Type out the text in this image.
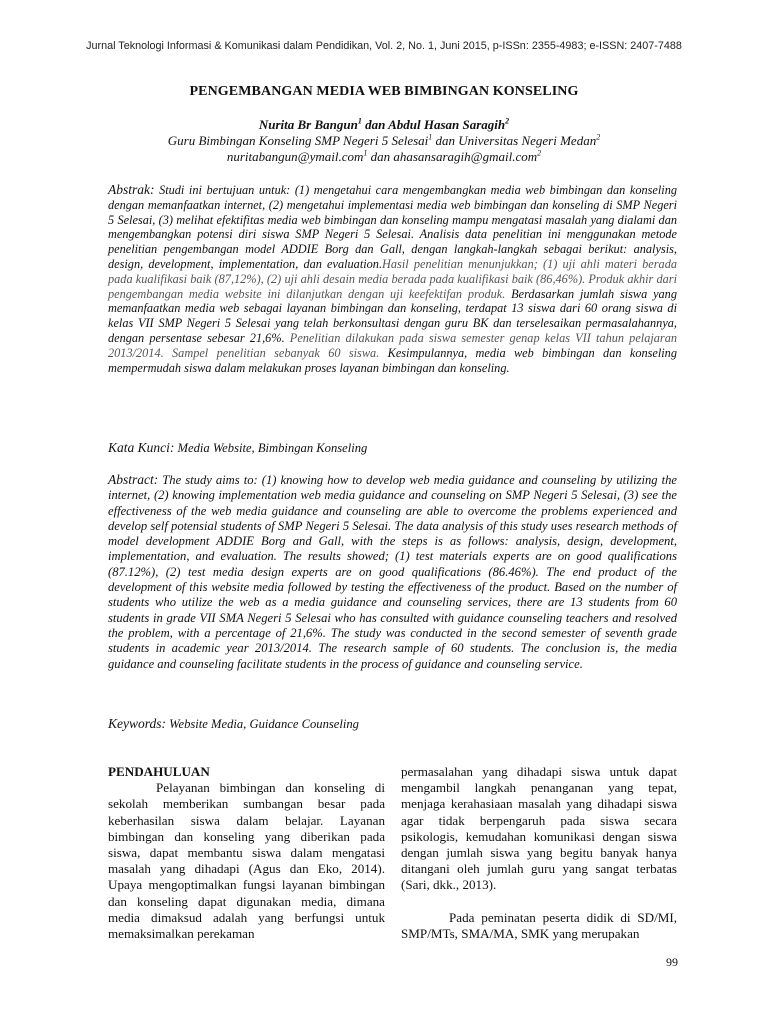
Jurnal Teknologi Informasi & Komunikasi dalam Pendidikan, Vol. 2, No. 1, Juni 2015, p-ISSn: 2355-4983; e-ISSN: 2407-7488
PENGEMBANGAN MEDIA WEB BIMBINGAN KONSELING
Nurita Br Bangun$^1$ dan Abdul Hasan Saragih$^2$
Guru Bimbingan Konseling SMP Negeri 5 Selesai$^1$ dan Universitas Negeri Medan$^2$
nuritabangun@ymail.com$^1$ dan ahasansaragih@gmail.com$^2$
Abstrak: Studi ini bertujuan untuk: (1) mengetahui cara mengembangkan media web bimbingan dan konseling dengan memanfaatkan internet, (2) mengetahui implementasi media web bimbingan dan konseling di SMP Negeri 5 Selesai, (3) melihat efektifitas media web bimbingan dan konseling mampu mengatasi masalah yang dialami dan mengembangkan potensi diri siswa SMP Negeri 5 Selesai. Analisis data penelitian ini menggunakan metode penelitian pengembangan model ADDIE Borg dan Gall, dengan langkah-langkah sebagai berikut: analysis, design, development, implementation, dan evaluation.Hasil penelitian menunjukkan; (1) uji ahli materi berada pada kualifikasi baik (87,12%), (2) uji ahli desain media berada pada kualifikasi baik (86,46%). Produk akhir dari pengembangan media website ini dilanjutkan dengan uji keefektifan produk. Berdasarkan jumlah siswa yang memanfaatkan media web sebagai layanan bimbingan dan konseling, terdapat 13 siswa dari 60 orang siswa di kelas VII SMP Negeri 5 Selesai yang telah berkonsultasi dengan guru BK dan terselesaikan permasalahannya, dengan persentase sebesar 21,6%. Penelitian dilakukan pada siswa semester genap kelas VII tahun pelajaran 2013/2014. Sampel penelitian sebanyak 60 siswa. Kesimpulannya, media web bimbingan dan konseling mempermudah siswa dalam melakukan proses layanan bimbingan dan konseling.
Kata Kunci: Media Website, Bimbingan Konseling
Abstract: The study aims to: (1) knowing how to develop web media guidance and counseling by utilizing the internet, (2) knowing implementation web media guidance and counseling on SMP Negeri 5 Selesai, (3) see the effectiveness of the web media guidance and counseling are able to overcome the problems experienced and develop self potensial students of SMP Negeri 5 Selesai. The data analysis of this study uses research methods of model development ADDIE Borg and Gall, with the steps is as follows: analysis, design, development, implementation, and evaluation. The results showed; (1) test materials experts are on good qualifications (87.12%), (2) test media design experts are on good qualifications (86.46%). The end product of the development of this website media followed by testing the effectiveness of the product. Based on the number of students who utilize the web as a media guidance and counseling services, there are 13 students from 60 students in grade VII SMA Negeri 5 Selesai who has consulted with guidance counseling teachers and resolved the problem, with a percentage of 21,6%. The study was conducted in the second semester of seventh grade students in academic year 2013/2014. The research sample of 60 students. The conclusion is, the media guidance and counseling facilitate students in the process of guidance and counseling service.
Keywords: Website Media, Guidance Counseling
PENDAHULUAN

Pelayanan bimbingan dan konseling di sekolah memberikan sumbangan besar pada keberhasilan siswa dalam belajar. Layanan bimbingan dan konseling yang diberikan pada siswa, dapat membantu siswa dalam mengatasi masalah yang dihadapi (Agus dan Eko, 2014). Upaya mengoptimalkan fungsi layanan bimbingan dan konseling dapat digunakan media, dimana media dimaksud adalah yang berfungsi untuk memaksimalkan perekaman

permasalahan yang dihadapi siswa untuk dapat mengambil langkah penanganan yang tepat, menjaga kerahasiaan masalah yang dihadapi siswa agar tidak berpengaruh pada siswa secara psikologis, kemudahan komunikasi dengan siswa dengan jumlah siswa yang begitu banyak hanya ditangani oleh jumlah guru yang sangat terbatas (Sari, dkk., 2013).

Pada peminatan peserta didik di SD/MI, SMP/MTs, SMA/MA, SMK yang merupakan

99
